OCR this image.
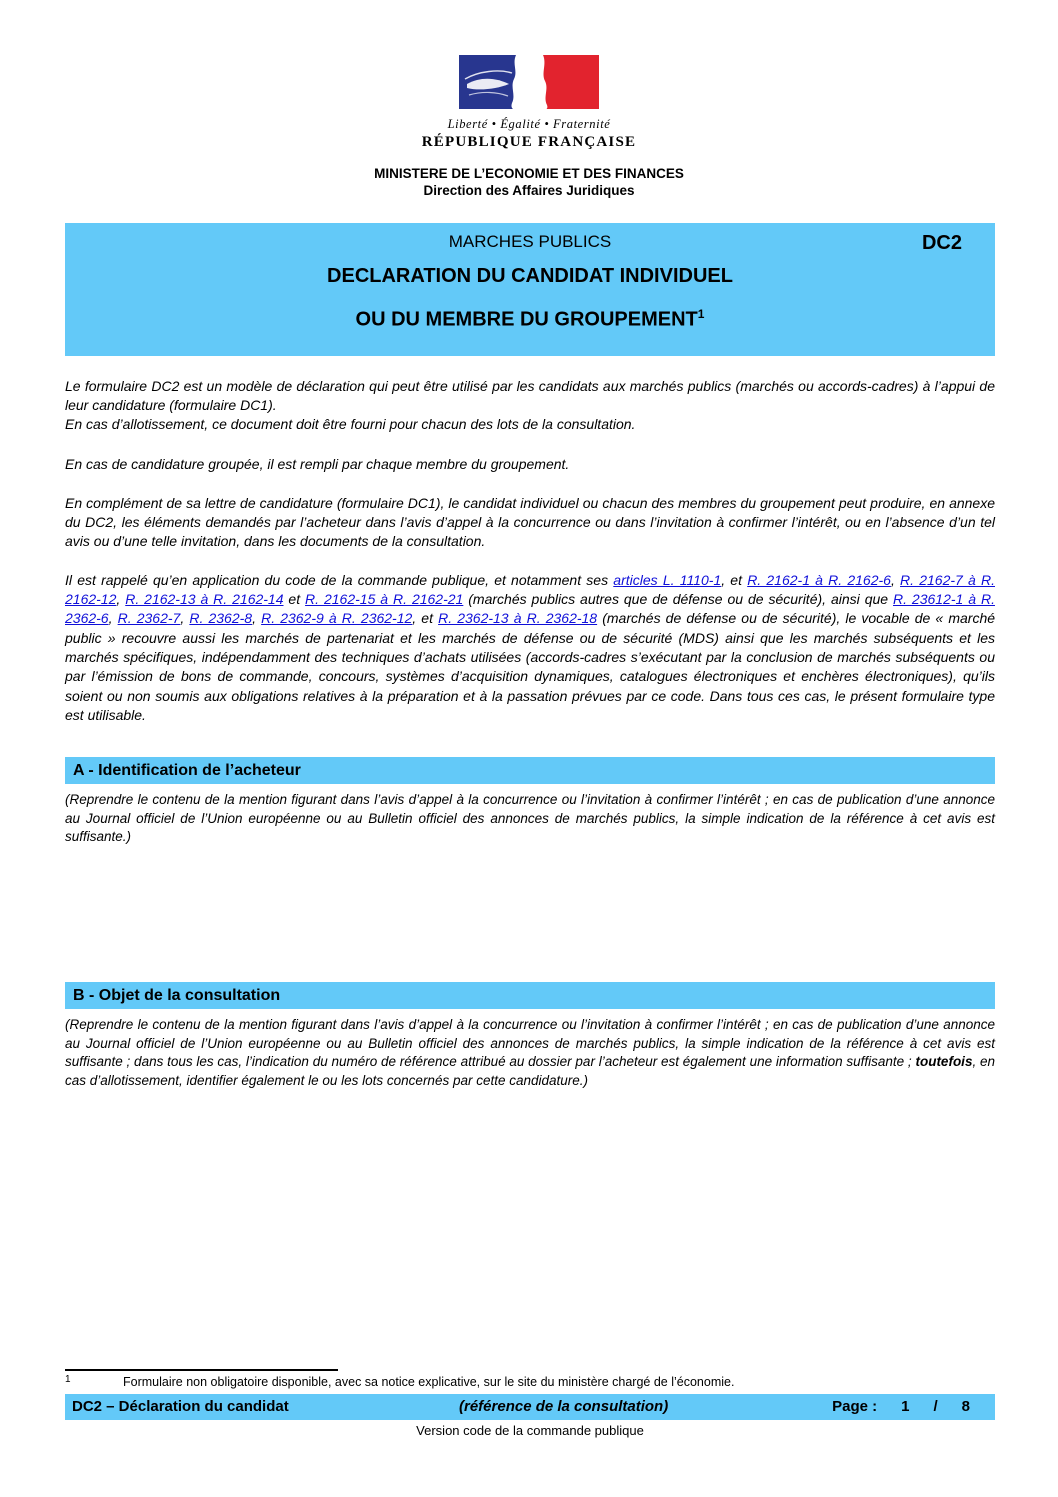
Liberté • Égalité • Fraternité
RÉPUBLIQUE FRANÇAISE
MINISTERE DE L’ECONOMIE ET DES FINANCES
Direction des Affaires Juridiques
MARCHES PUBLICS	DC2
DECLARATION DU CANDIDAT INDIVIDUEL
OU DU MEMBRE DU GROUPEMENT$^1$
Le formulaire DC2 est un modèle de déclaration qui peut être utilisé par les candidats aux marchés publics (marchés ou accords-cadres) à l’appui de leur candidature (formulaire DC1).
En cas d’allotissement, ce document doit être fourni pour chacun des lots de la consultation.
En cas de candidature groupée, il est rempli par chaque membre du groupement.
En complément de sa lettre de candidature (formulaire DC1), le candidat individuel ou chacun des membres du groupement peut produire, en annexe du DC2, les éléments demandés par l’acheteur dans l’avis d’appel à la concurrence ou dans l’invitation à confirmer l’intérêt, ou en l’absence d’un tel avis ou d’une telle invitation, dans les documents de la consultation.
Il est rappelé qu’en application du code de la commande publique, et notamment ses articles L. 1110-1, et R. 2162-1 à R. 2162-6, R. 2162-7 à R. 2162-12, R. 2162-13 à R. 2162-14 et R. 2162-15 à R. 2162-21 (marchés publics autres que de défense ou de sécurité), ainsi que R. 23612-1 à R. 2362-6, R. 2362-7, R. 2362-8, R. 2362-9 à R. 2362-12, et R. 2362-13 à R. 2362-18 (marchés de défense ou de sécurité), le vocable de « marché public » recouvre aussi les marchés de partenariat et les marchés de défense ou de sécurité (MDS) ainsi que les marchés subséquents et les marchés spécifiques, indépendamment des techniques d’achats utilisées (accords-cadres s’exécutant par la conclusion de marchés subséquents ou par l’émission de bons de commande, concours, systèmes d’acquisition dynamiques, catalogues électroniques et enchères électroniques), qu’ils soient ou non soumis aux obligations relatives à la préparation et à la passation prévues par ce code. Dans tous ces cas, le présent formulaire type est utilisable.
A - Identification de l’acheteur
(Reprendre le contenu de la mention figurant dans l’avis d’appel à la concurrence ou l’invitation à confirmer l’intérêt ; en cas de publication d’une annonce au Journal officiel de l’Union européenne ou au Bulletin officiel des annonces de marchés publics, la simple indication de la référence à cet avis est suffisante.)
B - Objet de la consultation
(Reprendre le contenu de la mention figurant dans l’avis d’appel à la concurrence ou l’invitation à confirmer l’intérêt ; en cas de publication d’une annonce au Journal officiel de l’Union européenne ou au Bulletin officiel des annonces de marchés publics, la simple indication de la référence à cet avis est suffisante ; dans tous les cas, l’indication du numéro de référence attribué au dossier par l’acheteur est également une information suffisante ; toutefois, en cas d’allotissement, identifier également le ou les lots concernés par cette candidature.)
1	Formulaire non obligatoire disponible, avec sa notice explicative, sur le site du ministère chargé de l’économie.
DC2 – Déclaration du candidat	(référence de la consultation)	Page : 1 / 8
Version code de la commande publique
